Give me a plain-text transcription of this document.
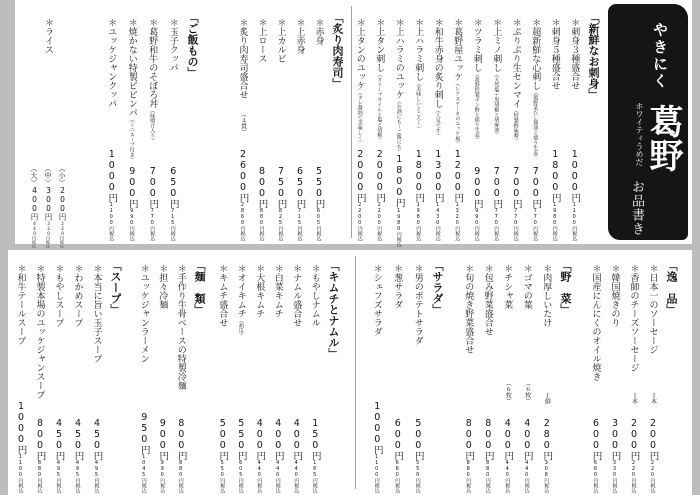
やきにく
葛野
ホワイティうめだ
お品書き
「新鮮なお刺身」
＊刺身３種盛合せ
1000円
1100円税込
＊刺身５種盛合せ
1800円
1980円税込
＊超新鮮な心刺し
（鶏野菜だし醤油と擂り生姜）
700円
770円税込
＊ぷりぷり生センマイ
（特製酢味噌）
700円
770円税込
＊上ミノ刺し
（天然塩＋黒胡椒と胡麻油）
700円
770円税込
＊ツラミ刺し
（葛野特製ポン酢と擂り生姜）
900円
990円税込
＊葛野屋ユッケ
（レアステーキのユッケ風）
1200円
1320円税込
＊和牛赤身の炙り刺し
（人気です）
1300円
1430円税込
＊上ハラミ刺し
（美味しいところ〜）
1800円
1980円税込
＊上ハラミのユッケ
（お酒にも〜ご飯にも）
1800円
1980円税込
＊上タン刺し
（オリーブオイルと塩と胡椒）
2000円
2200円税込
＊上タンのユッケ
（タレ醤油で美味しく）
2000円
2200円税込
「炙り肉寿司」
＊赤身
550円
605円税込
＊上赤身
650円
715円税込
＊上カルビ
750円
825円税込
＊上ロース
800円
880円税込
＊炙り肉寿司盛合せ
（４貫）
2600円
2860円税込
「ご飯もの」
＊玉子クッパ
650円
715円税込
＊葛野和牛のそぼろ丼
（味噌汁入り）
700円
770円税込
＊焼かない特製ビビンパ
（ミニスープ付き）
900円
990円税込
＊ユッケジャンクッパ
1000円
1100円税込
＊ライス
（小）
200円
220円税込
（中）
300円
330円税込
（大）
400円
440円税込
「逸　品」
＊日本一のソーセージ
１本
200円
220円税込
＊香師のチーズソーセージ
１本
200円
220円税込
＊韓国焼きのり
300円
330円税込
＊国産にんにくのオイル焼き
600円
660円税込
「野　菜」
＊肉厚しいたけ
１個
280円
308円税込
＊ゴマの葉
（６枚）
400円
440円税込
＊チシャ菜
（６枚）
400円
440円税込
＊包み野菜盛合せ
800円
880円税込
＊旬の焼き野菜盛合せ
800円
880円税込
「サラダ」
＊男のポテトサラダ
500円
550円税込
＊葱サラダ
600円
660円税込
＊シェフズサラダ
1000円
1100円税込
「キムチとナムル」
＊もやしナムル
150円
165円税込
＊ナムル盛合せ
400円
440円税込
＊白菜キムチ
400円
440円税込
＊大根キムチ
400円
440円税込
＊オイキムチ
（胡瓜）
550円
605円税込
＊キムチ盛合せ
500円
550円税込
「麺　類」
＊手作り牛骨ベースの特製冷麺
800円
880円税込
＊担々冷麺
900円
990円税込
＊ユッケジャンラーメン
950円
1045円税込
「スープ」
＊本当に旨い玉子スープ
450円
495円税込
＊わかめスープ
450円
495円税込
＊もやしスープ
450円
495円税込
＊特製本場のユッケジャンスープ
800円
880円税込
＊和牛テールスープ
1000円
1100円税込
